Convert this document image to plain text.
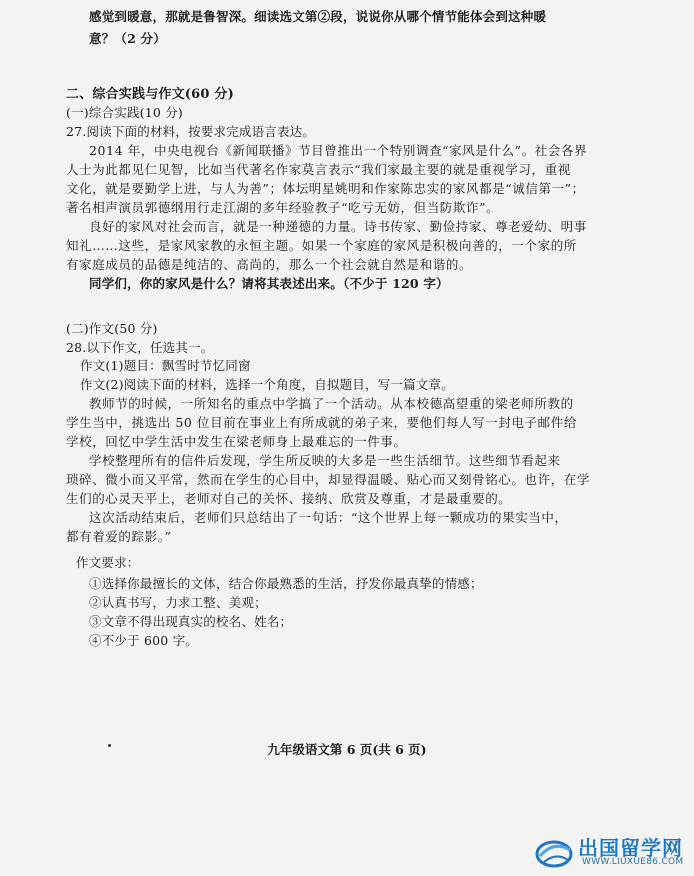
感觉到暖意，那就是鲁智深。细读选文第②段，说说你从哪个情节能体会到这种暖
意？（2 分）
二、综合实践与作文(60 分)
(一)综合实践(10 分)
27.阅读下面的材料，按要求完成语言表达。
2014 年，中央电视台《新闻联播》节目曾推出一个特别调查“家风是什么”。社会各界
人士为此都见仁见智，比如当代著名作家莫言表示“我们家最主要的就是重视学习，重视
文化，就是要勤学上进，与人为善”；体坛明星姚明和作家陈忠实的家风都是“诚信第一”；
著名相声演员郭德纲用行走江湖的多年经验教子“吃亏无妨，但当防欺诈”。
良好的家风对社会而言，就是一种递德的力量。诗书传家、勤俭持家、尊老爱幼、明事
知礼……这些，是家风家教的永恒主题。如果一个家庭的家风是积极向善的，一个家的所
有家庭成员的品德是纯洁的、高尚的，那么一个社会就自然是和谐的。
同学们，你的家风是什么？请将其表述出来。（不少于 120 字）
(二)作文(50 分)
28.以下作文，任选其一。
作文(1)题目：飘雪时节忆同窗
作文(2)阅读下面的材料，选择一个角度，自拟题目，写一篇文章。
教师节的时候，一所知名的重点中学搞了一个活动。从本校德高望重的梁老师所教的
学生当中，挑选出 50 位目前在事业上有所成就的弟子来，要他们每人写一封电子邮件给
学校，回忆中学生活中发生在梁老师身上最难忘的一件事。
学校整理所有的信件后发现，学生所反映的大多是一些生活细节。这些细节看起来
琐碎、微小而又平常，然而在学生的心目中，却显得温暖、贴心而又刻骨铭心。也许，在学
生们的心灵天平上，老师对自己的关怀、接纳、欣赏及尊重，才是最重要的。
这次活动结束后，老师们只总结出了一句话：“这个世界上每一颗成功的果实当中，
都有着爱的踪影。”
作文要求：
①选择你最擅长的文体，结合你最熟悉的生活，抒发你最真挚的情感；
②认真书写，力求工整、美观；
③文章不得出现真实的校名、姓名；
④不少于 600 字。
九年级语文第 6 页(共 6 页)
出国留学网
WWW.LIUXUE86.COM
